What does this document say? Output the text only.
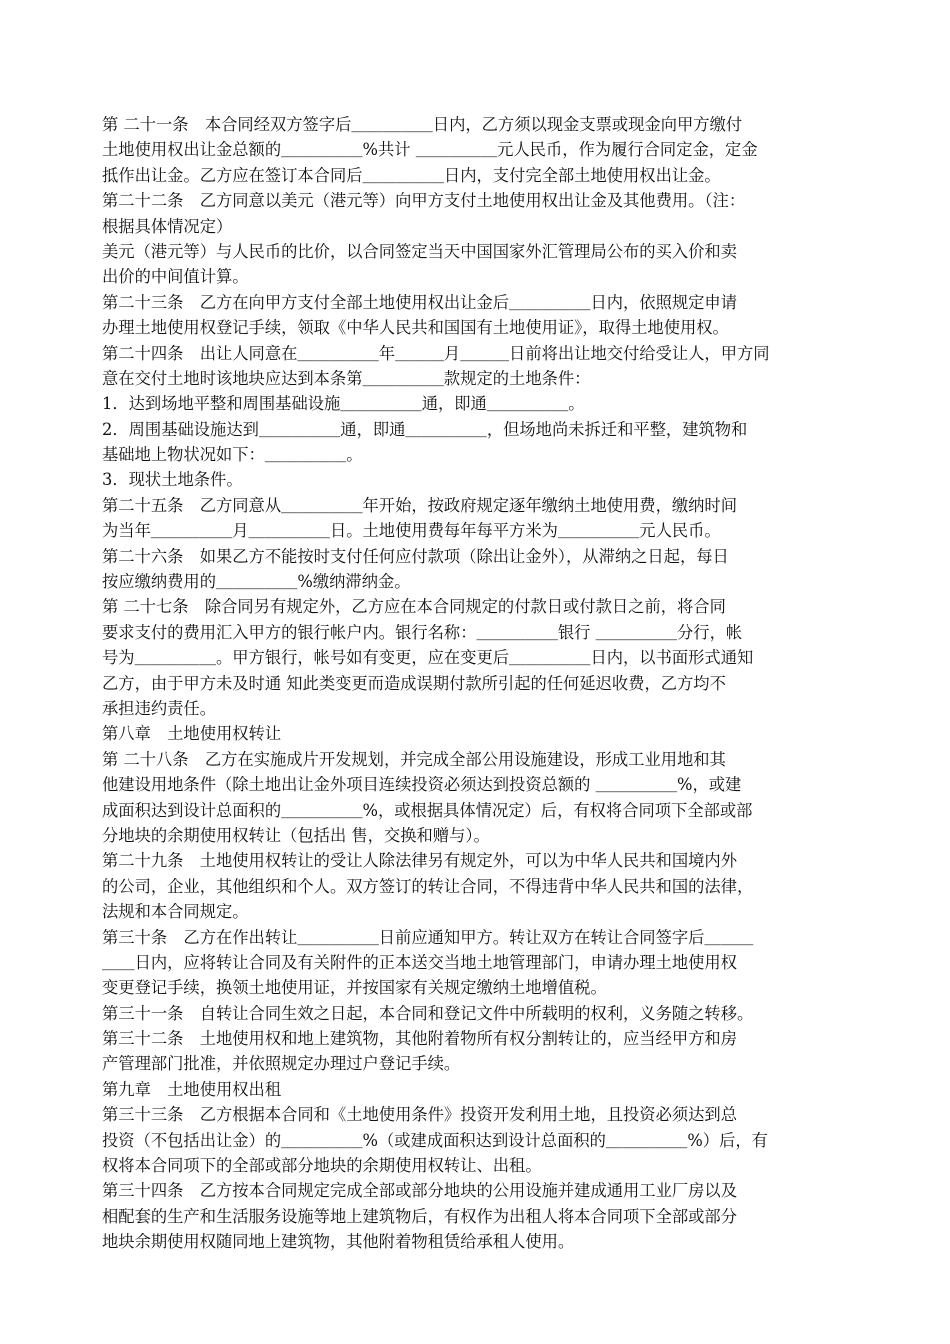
第 二十一条　本合同经双方签字后＿＿＿＿＿日内，乙方须以现金支票或现金向甲方缴付
土地使用权出让金总额的＿＿＿＿＿%共计 ＿＿＿＿＿元人民币，作为履行合同定金，定金
抵作出让金。乙方应在签订本合同后＿＿＿＿＿日内，支付完全部土地使用权出让金。
第二十二条　乙方同意以美元（港元等）向甲方支付土地使用权出让金及其他费用。（注：
根据具体情况定）
美元（港元等）与人民币的比价，以合同签定当天中国国家外汇管理局公布的买入价和卖
出价的中间值计算。
第二十三条　乙方在向甲方支付全部土地使用权出让金后＿＿＿＿＿日内，依照规定申请
办理土地使用权登记手续，领取《中华人民共和国国有土地使用证》，取得土地使用权。
第二十四条　出让人同意在＿＿＿＿＿年＿＿＿月＿＿＿日前将出让地交付给受让人，甲方同
意在交付土地时该地块应达到本条第＿＿＿＿＿款规定的土地条件：
1．达到场地平整和周围基础设施＿＿＿＿＿通，即通＿＿＿＿＿。
2．周围基础设施达到＿＿＿＿＿通，即通＿＿＿＿＿，但场地尚未拆迁和平整，建筑物和
基础地上物状况如下：＿＿＿＿＿。
3．现状土地条件。
第二十五条　乙方同意从＿＿＿＿＿年开始，按政府规定逐年缴纳土地使用费，缴纳时间
为当年＿＿＿＿＿月＿＿＿＿＿日。土地使用费每年每平方米为＿＿＿＿＿元人民币。
第二十六条　如果乙方不能按时支付任何应付款项（除出让金外），从滞纳之日起，每日
按应缴纳费用的＿＿＿＿＿%缴纳滞纳金。
第 二十七条　除合同另有规定外，乙方应在本合同规定的付款日或付款日之前，将合同
要求支付的费用汇入甲方的银行帐户内。银行名称：＿＿＿＿＿银行 ＿＿＿＿＿分行，帐
号为＿＿＿＿＿。甲方银行，帐号如有变更，应在变更后＿＿＿＿＿日内，以书面形式通知
乙方，由于甲方未及时通 知此类变更而造成误期付款所引起的任何延迟收费，乙方均不
承担违约责任。
第八章　土地使用权转让
第 二十八条　乙方在实施成片开发规划，并完成全部公用设施建设，形成工业用地和其
他建设用地条件（除土地出让金外项目连续投资必须达到投资总额的 ＿＿＿＿＿%，或建
成面积达到设计总面积的＿＿＿＿＿%，或根据具体情况定）后，有权将合同项下全部或部
分地块的余期使用权转让（包括出 售，交换和赠与）。
第二十九条　土地使用权转让的受让人除法律另有规定外，可以为中华人民共和国境内外
的公司，企业，其他组织和个人。双方签订的转让合同，不得违背中华人民共和国的法律，
法规和本合同规定。
第三十条　乙方在作出转让＿＿＿＿＿日前应通知甲方。转让双方在转让合同签字后＿＿＿
＿＿日内，应将转让合同及有关附件的正本送交当地土地管理部门，申请办理土地使用权
变更登记手续，换领土地使用证，并按国家有关规定缴纳土地增值税。
第三十一条　自转让合同生效之日起，本合同和登记文件中所载明的权利，义务随之转移。
第三十二条　土地使用权和地上建筑物，其他附着物所有权分割转让的，应当经甲方和房
产管理部门批准，并依照规定办理过户登记手续。
第九章　土地使用权出租
第三十三条　乙方根据本合同和《土地使用条件》投资开发利用土地，且投资必须达到总
投资（不包括出让金）的＿＿＿＿＿%（或建成面积达到设计总面积的＿＿＿＿＿%）后，有
权将本合同项下的全部或部分地块的余期使用权转让、出租。
第三十四条　乙方按本合同规定完成全部或部分地块的公用设施并建成通用工业厂房以及
相配套的生产和生活服务设施等地上建筑物后，有权作为出租人将本合同项下全部或部分
地块余期使用权随同地上建筑物，其他附着物租赁给承租人使用。
